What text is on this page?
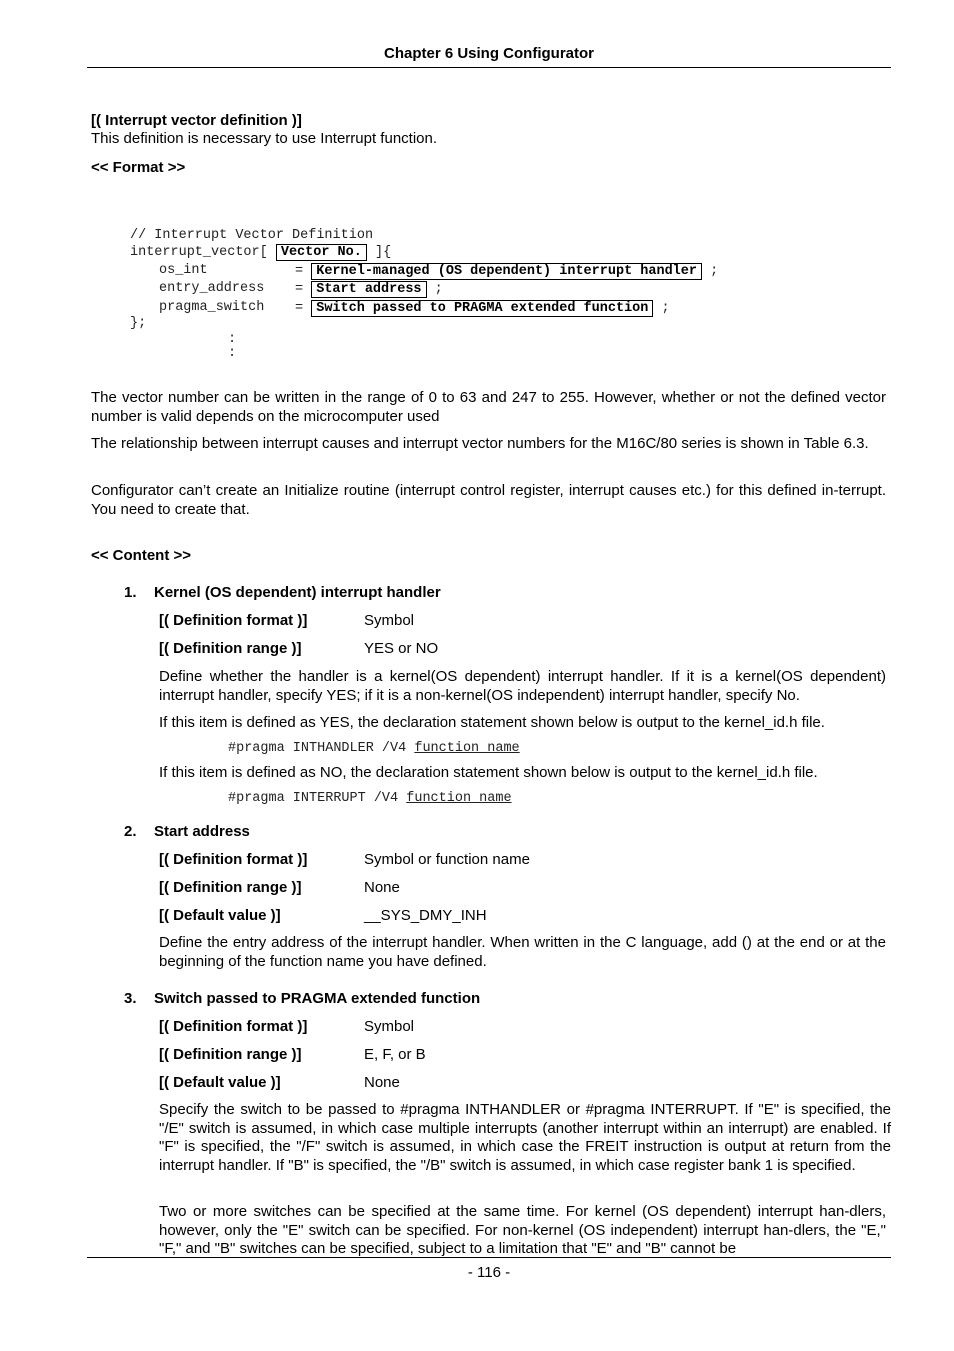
Chapter 6 Using Configurator
[( Interrupt vector definition )]
This definition is necessary to use Interrupt function.
<< Format >>
// Interrupt Vector Definition
interrupt_vector[ Vector No. ]{
os_int	= Kernel-managed (OS dependent) interrupt handler ;
entry_address = Start address ;
pragma_switch = Switch passed to PRAGMA extended function ;
};
:
:
The vector number can be written in the range of 0 to 63 and 247 to 255. However, whether or not the defined vector number is valid depends on the microcomputer used
The relationship between interrupt causes and interrupt vector numbers for the M16C/80 series is shown in Table 6.3.
Configurator can’t create an Initialize routine (interrupt control register, interrupt causes etc.) for this defined in-terrupt. You need to create that.
<< Content >>
1. Kernel (OS dependent) interrupt handler
[( Definition format )]	Symbol
[( Definition range )]	YES or NO
Define whether the handler is a kernel(OS dependent) interrupt handler. If it is a kernel(OS dependent) interrupt handler, specify YES; if it is a non-kernel(OS independent) interrupt handler, specify No.
If this item is defined as YES, the declaration statement shown below is output to the kernel_id.h file.
#pragma INTHANDLER /V4 function name
If this item is defined as NO, the declaration statement shown below is output to the kernel_id.h file.
#pragma INTERRUPT /V4 function name
2. Start address
[( Definition format )]	Symbol or function name
[( Definition range )]	None
[( Default value )]	__SYS_DMY_INH
Define the entry address of the interrupt handler. When written in the C language, add () at the end or at the beginning of the function name you have defined.
3. Switch passed to PRAGMA extended function
[( Definition format )]	Symbol
[( Definition range )]	E, F, or B
[( Default value )]	None
Specify the switch to be passed to #pragma INTHANDLER or #pragma INTERRUPT. If "E" is specified, the "/E" switch is assumed, in which case multiple interrupts (another interrupt within an interrupt) are enabled. If "F" is specified, the "/F" switch is assumed, in which case the FREIT instruction is output at return from the interrupt handler. If "B" is specified, the "/B" switch is assumed, in which case register bank 1 is specified.
Two or more switches can be specified at the same time. For kernel (OS dependent) interrupt han-dlers, however, only the "E" switch can be specified. For non-kernel (OS independent) interrupt han-dlers, the "E," "F," and "B" switches can be specified, subject to a limitation that "E" and "B" cannot be
- 116 -
